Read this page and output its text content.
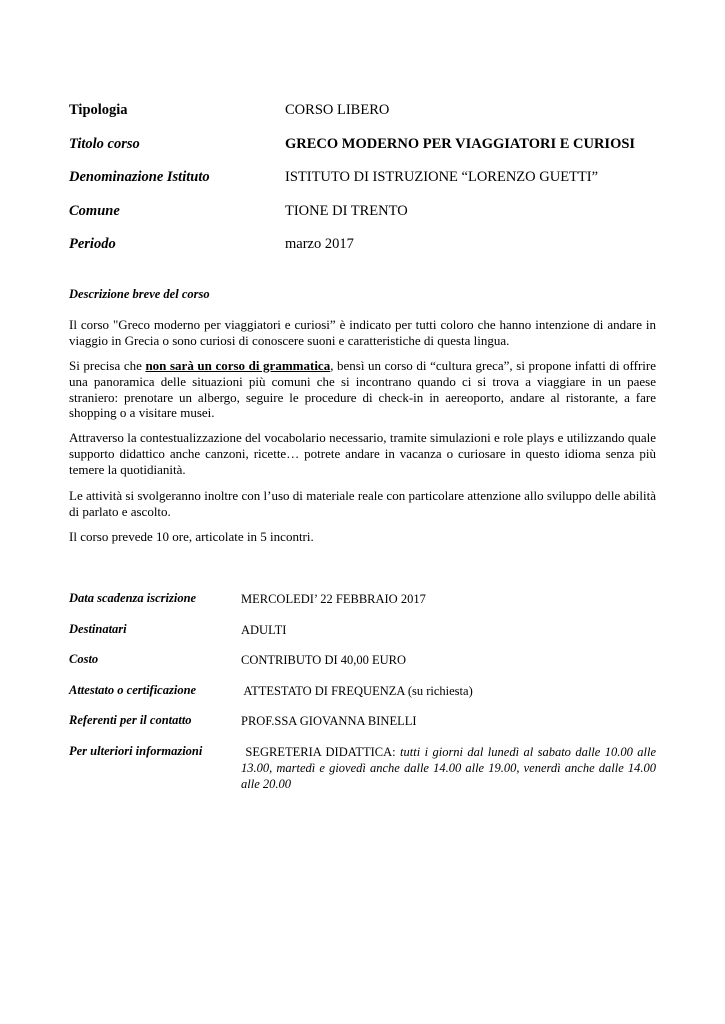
Tipologia	CORSO LIBERO
Titolo corso	GRECO MODERNO PER VIAGGIATORI E CURIOSI
Denominazione Istituto	ISTITUTO DI ISTRUZIONE “LORENZO GUETTI”
Comune	TIONE DI TRENTO
Periodo	marzo 2017
Descrizione breve del corso
Il corso "Greco moderno per viaggiatori e curiosi” è indicato per tutti coloro che hanno intenzione di andare in viaggio in Grecia o sono curiosi di conoscere suoni e caratteristiche di questa lingua.
Si precisa che non sarà un corso di grammatica, bensì un corso di “cultura greca”, si propone infatti di offrire una panoramica delle situazioni più comuni che si incontrano quando ci si trova a viaggiare in un paese straniero: prenotare un albergo, seguire le procedure di check-in in aereoporto, andare al ristorante, a fare shopping o a visitare musei.
Attraverso la contestualizzazione del vocabolario necessario, tramite simulazioni e role plays e utilizzando quale supporto didattico anche canzoni, ricette… potrete andare in vacanza o curiosare in questo idioma senza più temere la quotidianità.
Le attività si svolgeranno inoltre con l’uso di materiale reale con particolare attenzione allo sviluppo delle abilità di parlato e ascolto.
Il corso prevede 10 ore, articolate in 5 incontri.
Data scadenza iscrizione	MERCOLEDI’ 22 FEBBRAIO 2017
Destinatari	ADULTI
Costo	CONTRIBUTO DI 40,00 EURO
Attestato o certificazione	ATTESTATO DI FREQUENZA (su richiesta)
Referenti per il contatto	PROF.SSA GIOVANNA BINELLI
Per ulteriori informazioni	SEGRETERIA DIDATTICA: tutti i giorni dal lunedì al sabato dalle 10.00 alle 13.00, martedì e giovedì anche dalle 14.00 alle 19.00, venerdì anche dalle 14.00 alle 20.00
